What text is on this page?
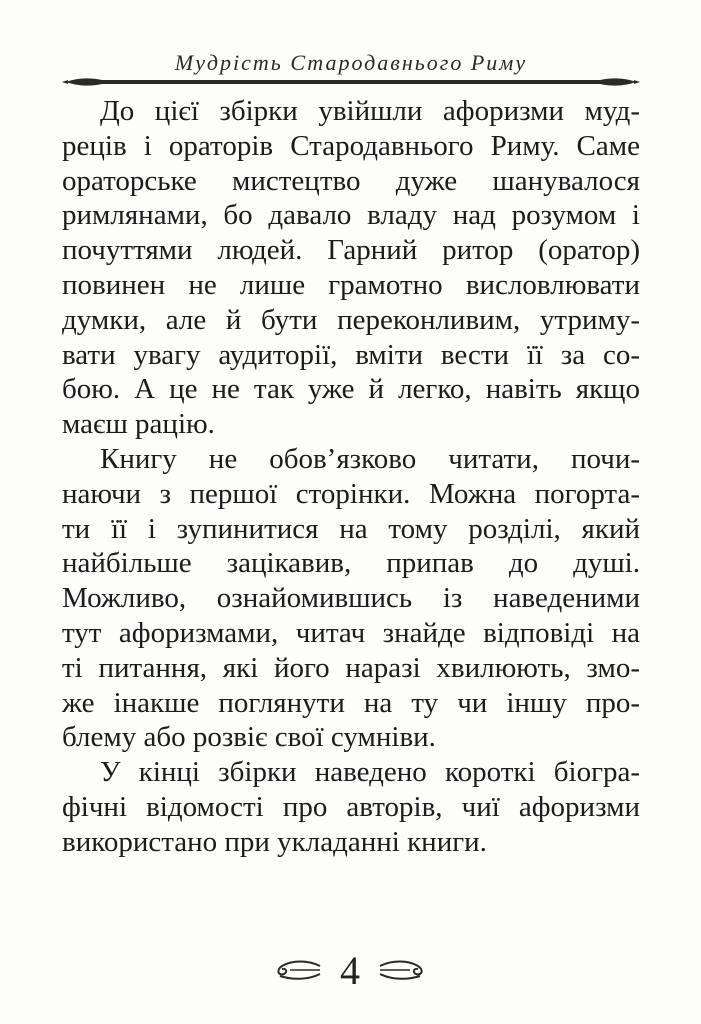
Мудрість Стародавнього Риму
До цієї збірки увійшли афоризми муд-
реців і ораторів Стародавнього Риму. Саме
ораторське мистецтво дуже шанувалося
римлянами, бо давало владу над розумом і
почуттями людей. Гарний ритор (оратор)
повинен не лише грамотно висловлювати
думки, але й бути переконливим, утриму-
вати увагу аудиторії, вміти вести її за со-
бою. А це не так уже й легко, навіть якщо
маєш рацію.
Книгу не обов’язково читати, почи-
наючи з першої сторінки. Можна погорта-
ти її і зупинитися на тому розділі, який
найбільше зацікавив, припав до душі.
Можливо, ознайомившись із наведеними
тут афоризмами, читач знайде відповіді на
ті питання, які його наразі хвилюють, змо-
же інакше поглянути на ту чи іншу про-
блему або розвіє свої сумніви.
У кінці збірки наведено короткі біогра-
фічні відомості про авторів, чиї афоризми
використано при укладанні книги.
4
